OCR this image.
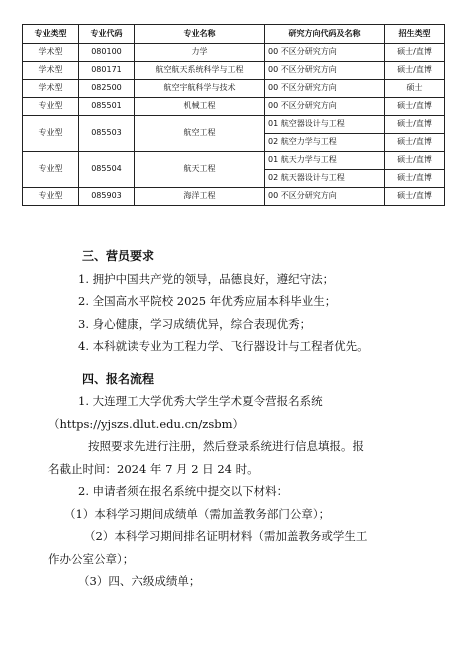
专业类型	专业代码	专业名称	研究方向代码及名称	招生类型
学术型	080100	力学	00 不区分研究方向	硕士/直博
学术型	080171	航空航天系统科学与工程	00 不区分研究方向	硕士/直博
学术型	082500	航空宇航科学与技术	00 不区分研究方向	硕士
专业型	085501	机械工程	00 不区分研究方向	硕士/直博
专业型	085503	航空工程	01 航空器设计与工程	硕士/直博
			02 航空力学与工程	硕士/直博
专业型	085504	航天工程	01 航天力学与工程	硕士/直博
			02 航天器设计与工程	硕士/直博
专业型	085903	海洋工程	00 不区分研究方向	硕士/直博
三、营员要求

1. 拥护中国共产党的领导，品德良好，遵纪守法；

2. 全国高水平院校 2025 年优秀应届本科毕业生；

3. 身心健康，学习成绩优异，综合表现优秀；

4. 本科就读专业为工程力学、飞行器设计与工程者优先。

四、报名流程

1. 大连理工大学优秀大学生学术夏令营报名系统

（https://yjszs.dlut.edu.cn/zsbm）

按照要求先进行注册，然后登录系统进行信息填报。报

名截止时间：2024 年 7 月 2 日 24 时。

2. 申请者须在报名系统中提交以下材料：

（1）本科学习期间成绩单（需加盖教务部门公章）；

（2）本科学习期间排名证明材料（需加盖教务或学生工

作办公室公章）；

（3）四、六级成绩单；
